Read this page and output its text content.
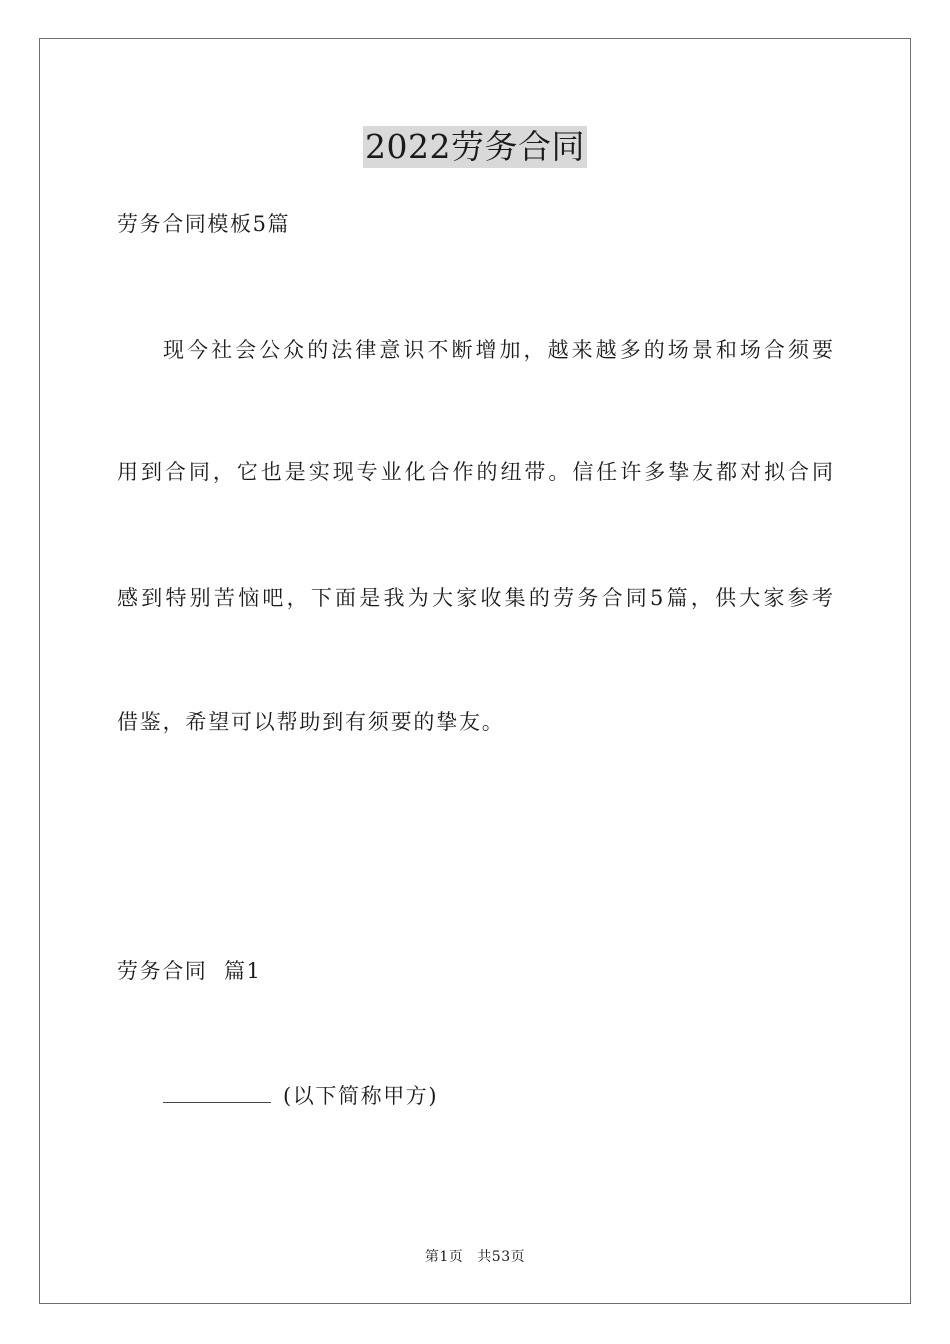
2022劳务合同
劳务合同模板5篇
现今社会公众的法律意识不断增加，越来越多的场景和场合须要
用到合同，它也是实现专业化合作的纽带。信任许多挚友都对拟合同
感到特别苦恼吧，下面是我为大家收集的劳务合同5篇，供大家参考
借鉴，希望可以帮助到有须要的挚友。
劳务合同  篇1
(以下简称甲方)
第1页 共53页
